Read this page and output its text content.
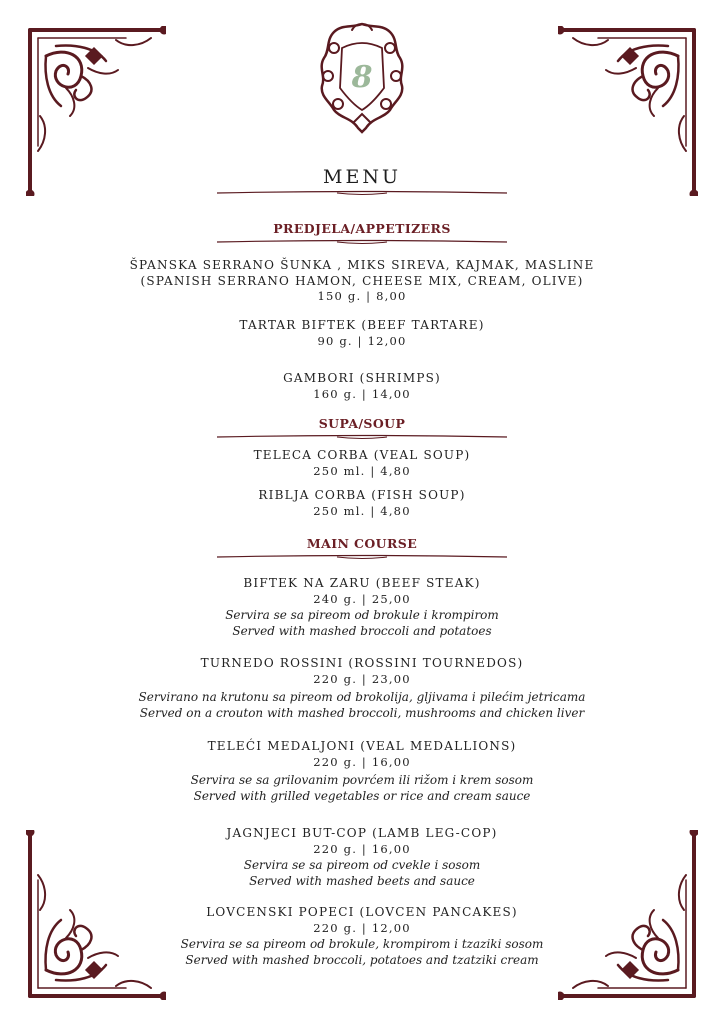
8
MENU
PREDJELA/APPETIZERS
ŠPANSKA SERRANO ŠUNKA , MIKS SIREVA, KAJMAK, MASLINE
(SPANISH SERRANO HAMON, CHEESE MIX, CREAM, OLIVE)
150 g. | 8,00
TARTAR BIFTEK (BEEF TARTARE)
90 g. | 12,00
GAMBORI (SHRIMPS)
160 g. | 14,00
SUPA/SOUP
TELECA CORBA (VEAL SOUP)
250 ml. | 4,80
RIBLJA CORBA (FISH SOUP)
250 ml. | 4,80
MAIN COURSE
BIFTEK NA ZARU (BEEF STEAK)
240 g. | 25,00
Servira se sa pireom od brokule i krompirom
Served with mashed broccoli and potatoes
TURNEDO ROSSINI (ROSSINI TOURNEDOS)
220 g. | 23,00
Servirano na krutonu sa pireom od brokolija, gljivama i pilećim jetricama
Served on a crouton with mashed broccoli, mushrooms and chicken liver
TELEĆI MEDALJONI (VEAL MEDALLIONS)
220 g. | 16,00
Servira se sa grilovanim povrćem ili rižom i krem sosom
Served with grilled vegetables or rice and cream sauce
JAGNJECI BUT-COP (LAMB LEG-COP)
220 g. | 16,00
Servira se sa pireom od cvekle i sosom
Served with mashed beets and sauce
LOVCENSKI POPECI (LOVCEN PANCAKES)
220 g. | 12,00
Servira se sa pireom od brokule, krompirom i tzaziki sosom
Served with mashed broccoli, potatoes and tzatziki cream
